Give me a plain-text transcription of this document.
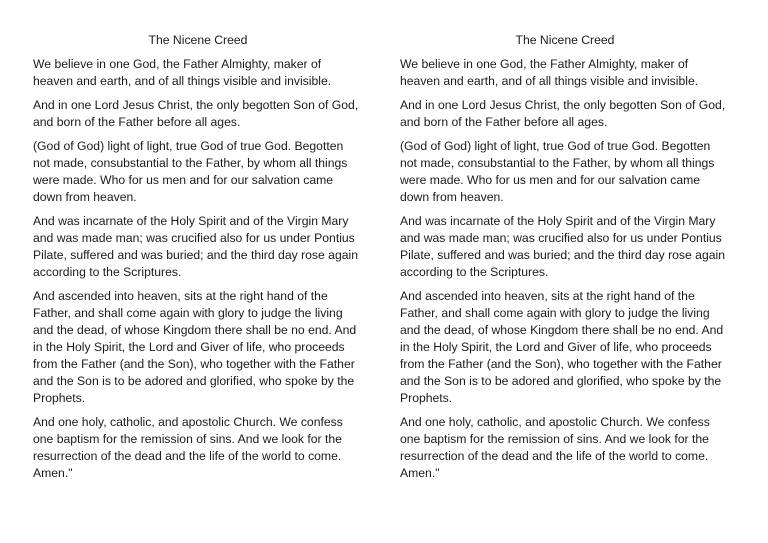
The Nicene Creed

We believe in one God, the Father Almighty, maker of heaven and earth, and of all things visible and invisible.

And in one Lord Jesus Christ, the only begotten Son of God, and born of the Father before all ages.

(God of God) light of light, true God of true God. Begotten not made, consubstantial to the Father, by whom all things were made. Who for us men and for our salvation came down from heaven.

And was incarnate of the Holy Spirit and of the Virgin Mary and was made man; was crucified also for us under Pontius Pilate, suffered and was buried; and the third day rose again according to the Scriptures.

And ascended into heaven, sits at the right hand of the Father, and shall come again with glory to judge the living and the dead, of whose Kingdom there shall be no end. And in the Holy Spirit, the Lord and Giver of life, who proceeds from the Father (and the Son), who together with the Father and the Son is to be adored and glorified, who spoke by the Prophets.

And one holy, catholic, and apostolic Church. We confess one baptism for the remission of sins. And we look for the resurrection of the dead and the life of the world to come. Amen."

The Nicene Creed

We believe in one God, the Father Almighty, maker of heaven and earth, and of all things visible and invisible.

And in one Lord Jesus Christ, the only begotten Son of God, and born of the Father before all ages.

(God of God) light of light, true God of true God. Begotten not made, consubstantial to the Father, by whom all things were made. Who for us men and for our salvation came down from heaven.

And was incarnate of the Holy Spirit and of the Virgin Mary and was made man; was crucified also for us under Pontius Pilate, suffered and was buried; and the third day rose again according to the Scriptures.

And ascended into heaven, sits at the right hand of the Father, and shall come again with glory to judge the living and the dead, of whose Kingdom there shall be no end. And in the Holy Spirit, the Lord and Giver of life, who proceeds from the Father (and the Son), who together with the Father and the Son is to be adored and glorified, who spoke by the Prophets.

And one holy, catholic, and apostolic Church. We confess one baptism for the remission of sins. And we look for the resurrection of the dead and the life of the world to come. Amen."
